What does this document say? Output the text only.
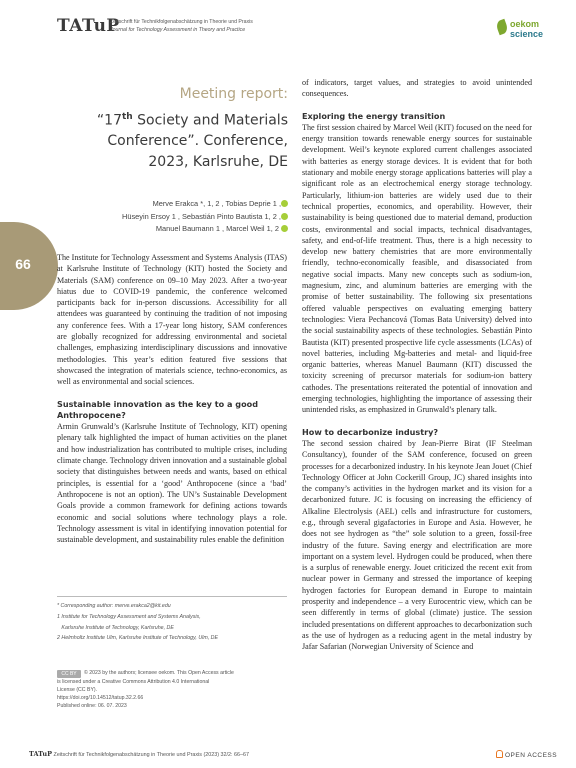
TATuP
Zeitschrift für Technikfolgenabschätzung in Theorie und Praxis
Journal for Technology Assessment in Theory and Practice
oekom
science
66
Meeting report:
“17th Society and Materials
Conference”. Conference,
2023, Karlsruhe, DE
Merve Erakca *, 1, 2 , Tobias Deprie 1 ,
Hüseyin Ersoy 1 , Sebastián Pinto Bautista 1, 2 ,
Manuel Baumann 1 , Marcel Weil 1, 2

The Institute for Technology Assessment and Systems Analysis (ITAS) at Karlsruhe Institute of Technology (KIT) hosted the Society and Materials (SAM) conference on 09–10 May 2023. After a two-year hiatus due to COVID-19 pandemic, the conference welcomed participants back for in-person discussions. Accessibility for all attendees was guaranteed by continuing the tradition of not imposing any conference fees. With a 17-year long history, SAM conferences are globally recognized for addressing environmental and societal challenges, emphasizing interdisciplinary discussions and innovative methodologies. This year’s edition featured five sessions that showcased the integration of materials science, techno-economics, as well as environmental and social sciences.

Sustainable innovation as the key to a good Anthropocene?

Armin Grunwald’s (Karlsruhe Institute of Technology, KIT) opening plenary talk highlighted the impact of human activities on the planet and how industrialization has contributed to multiple crises, including climate change. Technology driven innovation and a sustainable global society that distinguishes between needs and wants, based on ethical principles, is essential for a ‘good’ Anthropocene (since a ‘bad’ Anthropocene is not an option). The UN’s Sustainable Development Goals provide a common framework for defining actions towards economic and social solutions where technology plays a role. Technology assessment is vital in identifying innovation potential for sustainable development, and sustainability rules enable the definition

of indicators, target values, and strategies to avoid unintended consequences.

Exploring the energy transition

The first session chaired by Marcel Weil (KIT) focused on the need for energy transition towards renewable energy sources for sustainable development. Weil’s keynote explored current challenges associated with batteries as energy storage devices. It is evident that for both stationary and mobile energy storage applications batteries will play a significant role as an electrochemical energy storage technology. Particularly, lithium-ion batteries are widely used due to their technical properties, economics, and operability. However, their sustainability is being questioned due to material demand, production costs, environmental and social impacts, technical disadvantages, safety, and end-of-life treatment. Thus, there is a high necessity to develop new battery chemistries that are more environmentally friendly, techno-economically feasible, and disassociated from negative social impacts. Many new concepts such as sodium-ion, magnesium, zinc, and aluminum batteries are emerging with the promise of better sustainability. The following six presentations offered valuable perspectives on evaluating emerging battery technologies: Viera Pechancová (Tomas Bata University) delved into the social sustainability aspects of these technologies. Sebastián Pinto Bautista (KIT) presented prospective life cycle assessments (LCAs) of novel batteries, including Mg-batteries and metal- and liquid-free organic batteries, whereas Manuel Baumann (KIT) discussed the toxicity screening of precursor materials for sodium-ion battery cathodes. The presentations reiterated the potential of innovation and emerging technologies, highlighting the importance of assessing their unintended risks, as emphasized in Grunwald’s plenary talk.

How to decarbonize industry?

The second session chaired by Jean-Pierre Birat (IF Steelman Consultancy), founder of the SAM conference, focused on green processes for a decarbonized industry. In his keynote Jean Jouet (Chief Technology Officer at John Cockerill Group, JC) shared insights into the company’s activities in the hydrogen market and its vision for a decarbonized future. JC is focusing on increasing the efficiency of Alkaline Electrolysis (AEL) cells and infrastructure for customers, e.g., through several gigafactories in Europe and Asia. However, he does not see hydrogen as “the” sole solution to a green, fossil-free industry of the future. Saving energy and electrification are more important on a system level. Hydrogen could be produced, when there is a surplus of renewable energy. Jouet criticized the recent exit from nuclear power in Germany and stressed the importance of keeping hydrogen factories for European demand in Europe to maintain prosperity and independence – a very Eurocentric view, which can be seen differently in terms of global (climate) justice. The session included presentations on different approaches to decarbonization such as the use of hydrogen as a reducing agent in the metal industry by Jafar Safarian (Norwegian University of Science and

* Corresponding author: merve.erakca2@kit.edu
1 Institute for Technology Assessment and Systems Analysis,
Karlsruhe Institute of Technology, Karlsruhe, DE
2 Helmholtz Institute Ulm, Karlsruhe Institute of Technology, Ulm, DE
CC BY © 2023 by the authors; licensee oekom. This Open Access article
is licensed under a Creative Commons Attribution 4.0 International
License (CC BY).
https://doi.org/10.14512/tatup.32.2.66
Published online: 06. 07. 2023
TATuP Zeitschrift für Technikfolgenabschätzung in Theorie und Praxis (2023) 32/2: 66–67	OPEN ACCESS
